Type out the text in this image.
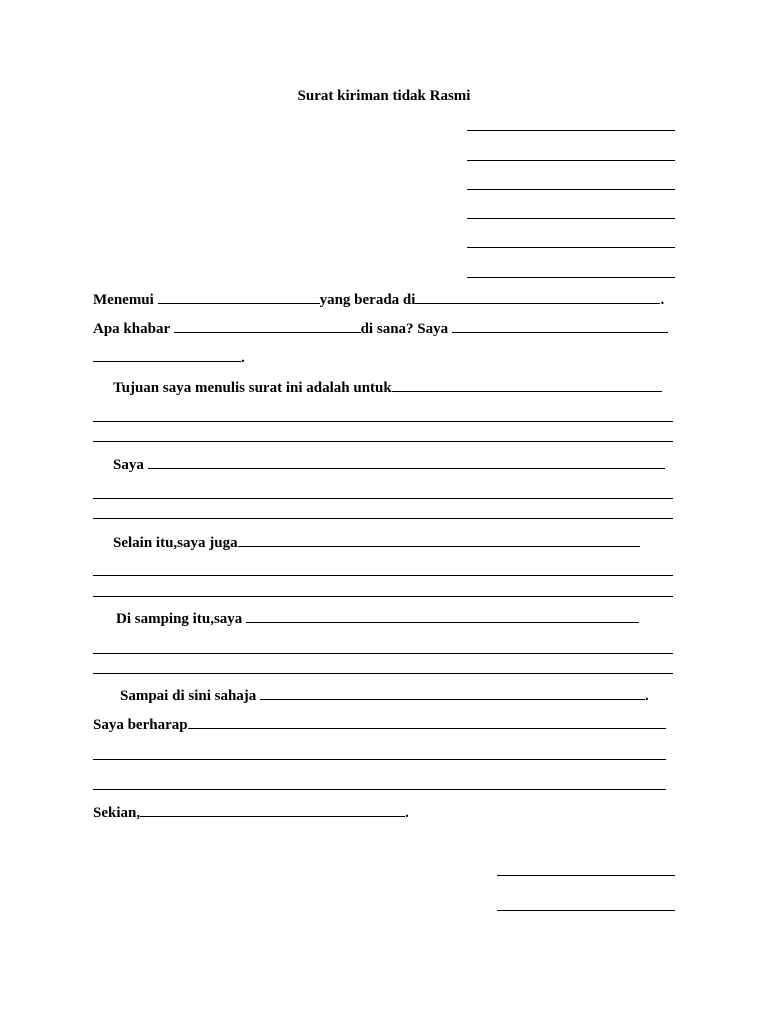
Surat kiriman tidak Rasmi
Menemui	yang berada di	.
Apa khabar	di sana? Saya
.
Tujuan saya menulis surat ini adalah untuk
Saya
Selain itu,saya juga
Di samping itu,saya
Sampai di sini sahaja	.
Saya berharap
Sekian,	.
